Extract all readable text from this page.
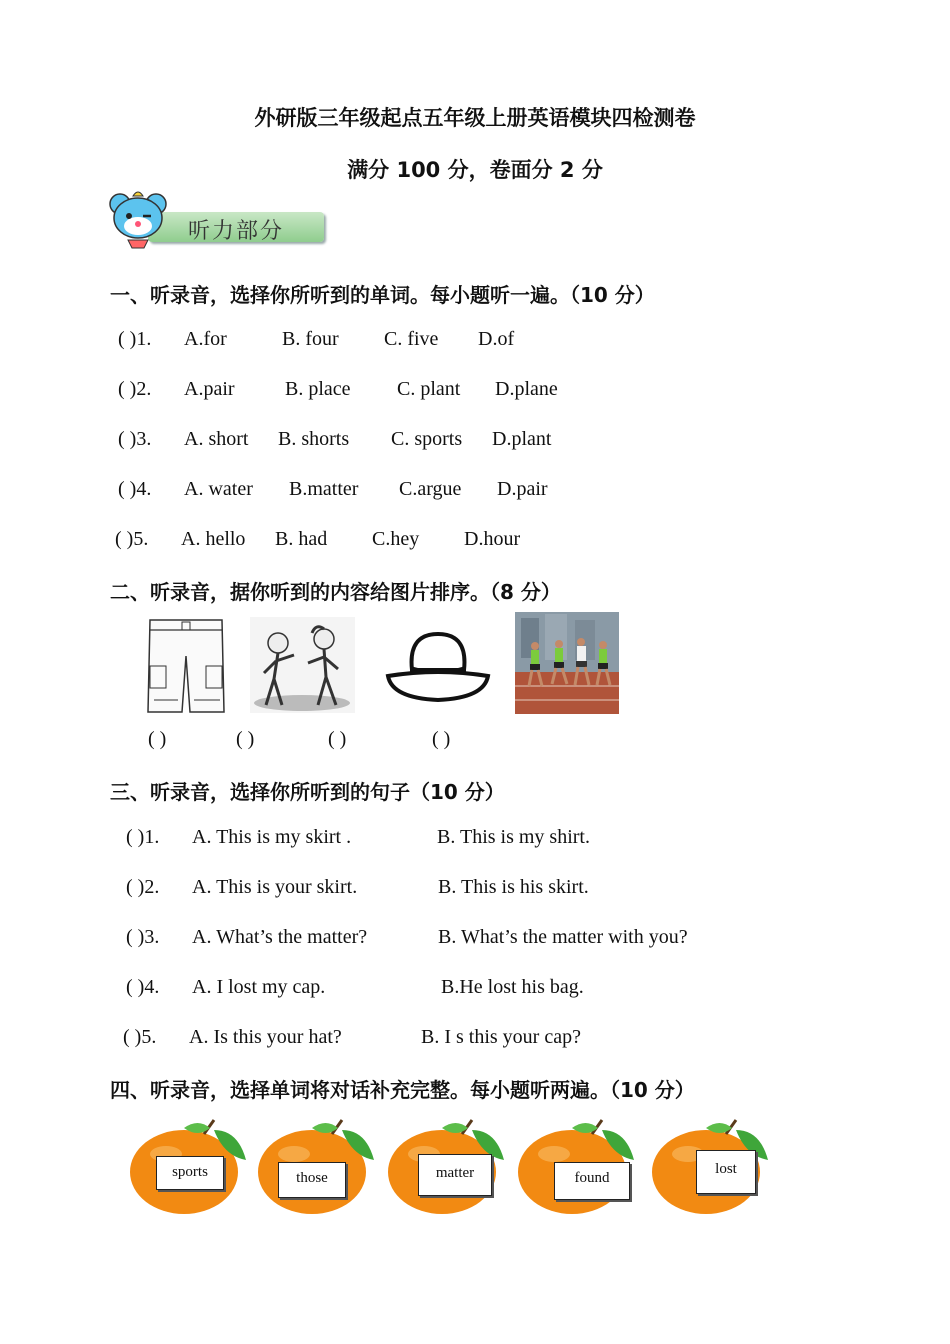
外研版三年级起点五年级上册英语模块四检测卷
满分 100 分，卷面分 2 分
听力部分
一、听录音，选择你所听到的单词。每小题听一遍。（10 分）
( )1. A.for	B. four C. five D.of
( )2. A.pair	B. place C. plant D.plane
( )3. A. short B. shorts C. sports D.plant
( )4. A. water B.matter C.argue D.pair
( )5. A. hello B. had C.hey D.hour
二、听录音，据你听到的内容给图片排序。（8 分）
( )	( )	( )	( )
三、听录音，选择你所听到的句子（10 分）
( )1. A. This is my skirt .	B. This is my shirt.
( )2. A. This is your skirt.	B. This is his skirt.
( )3. A. What’s the matter?	B. What’s the matter with you?
( )4. A. I lost my cap.	B.He lost his bag.
( )5. A. Is this your hat?	B. I s this your cap?
四、听录音，选择单词将对话补充完整。每小题听两遍。（10 分）
sports	those	matter	found
lost
